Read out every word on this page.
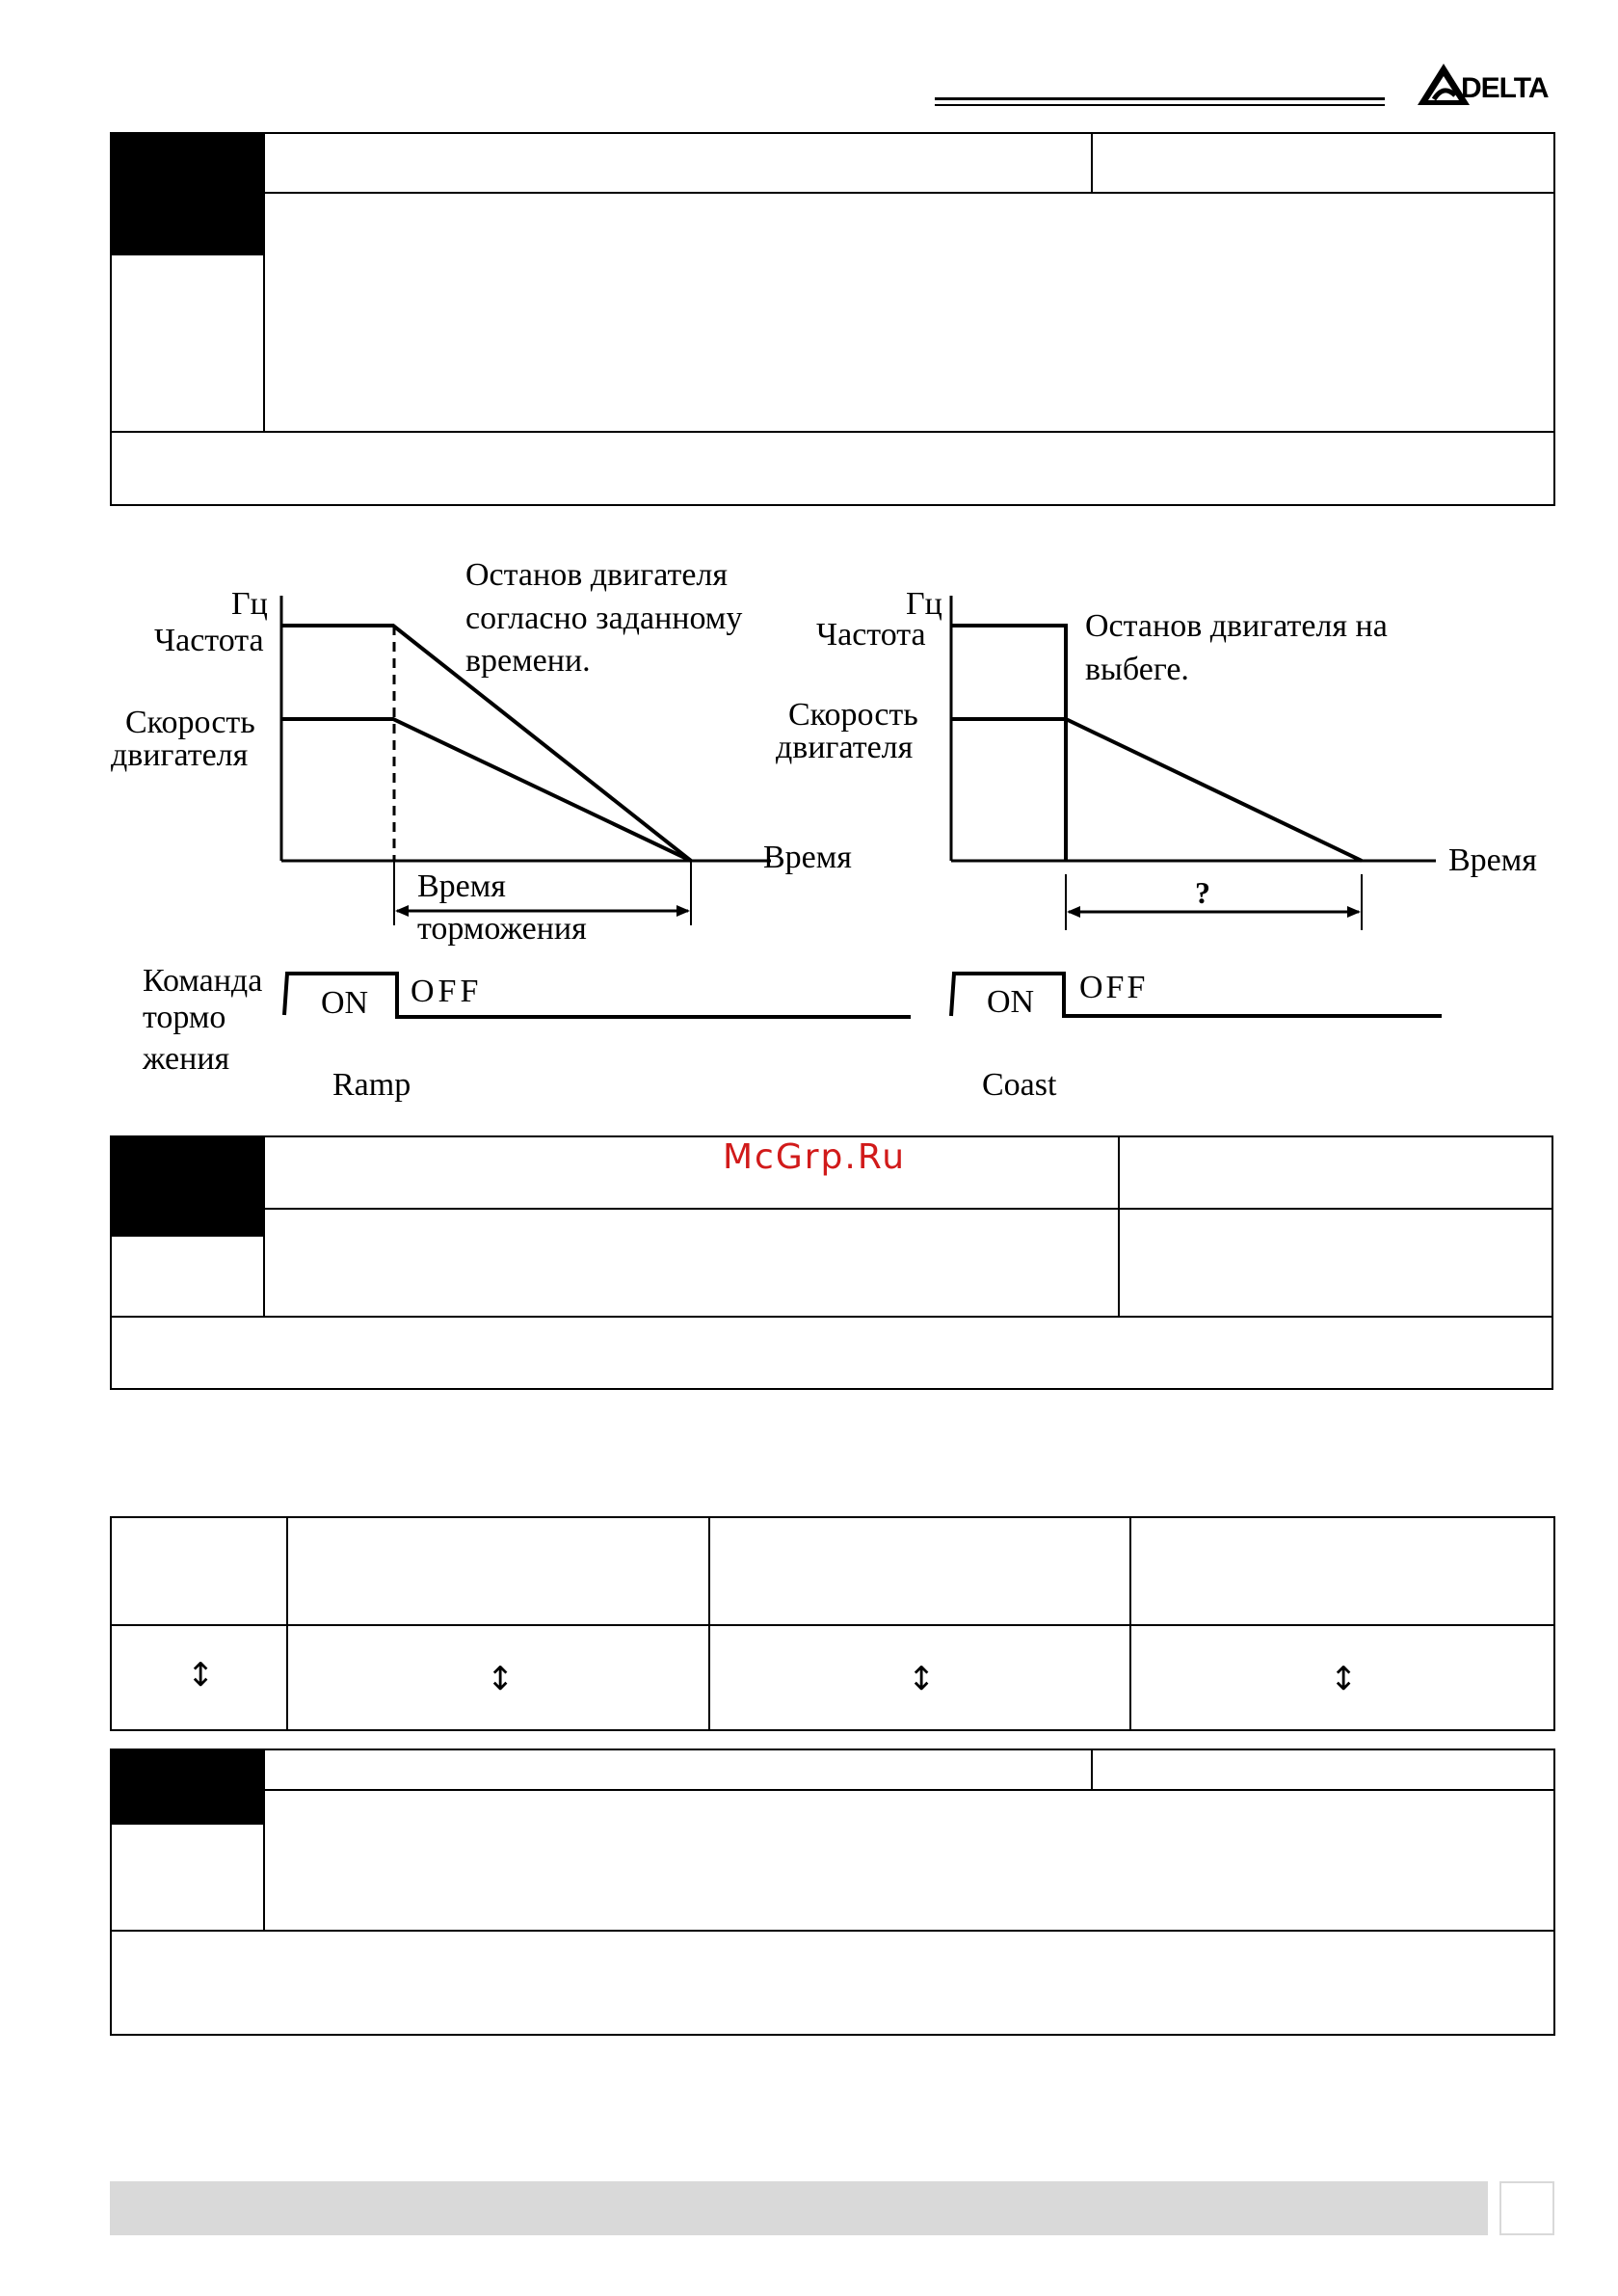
DELTA
Останов двигателя
согласно заданному
времени.
Гц
Частота
Скорость
двигателя
Время
Время
торможения
Команда
тормо
жения
ON OFF
Ramp
Гц
Частота
Скорость
двигателя
Останов двигателя на
выбеге.
Время
?
ON OFF
Coast
McGrp.Ru
↕	↕	↕	↕
